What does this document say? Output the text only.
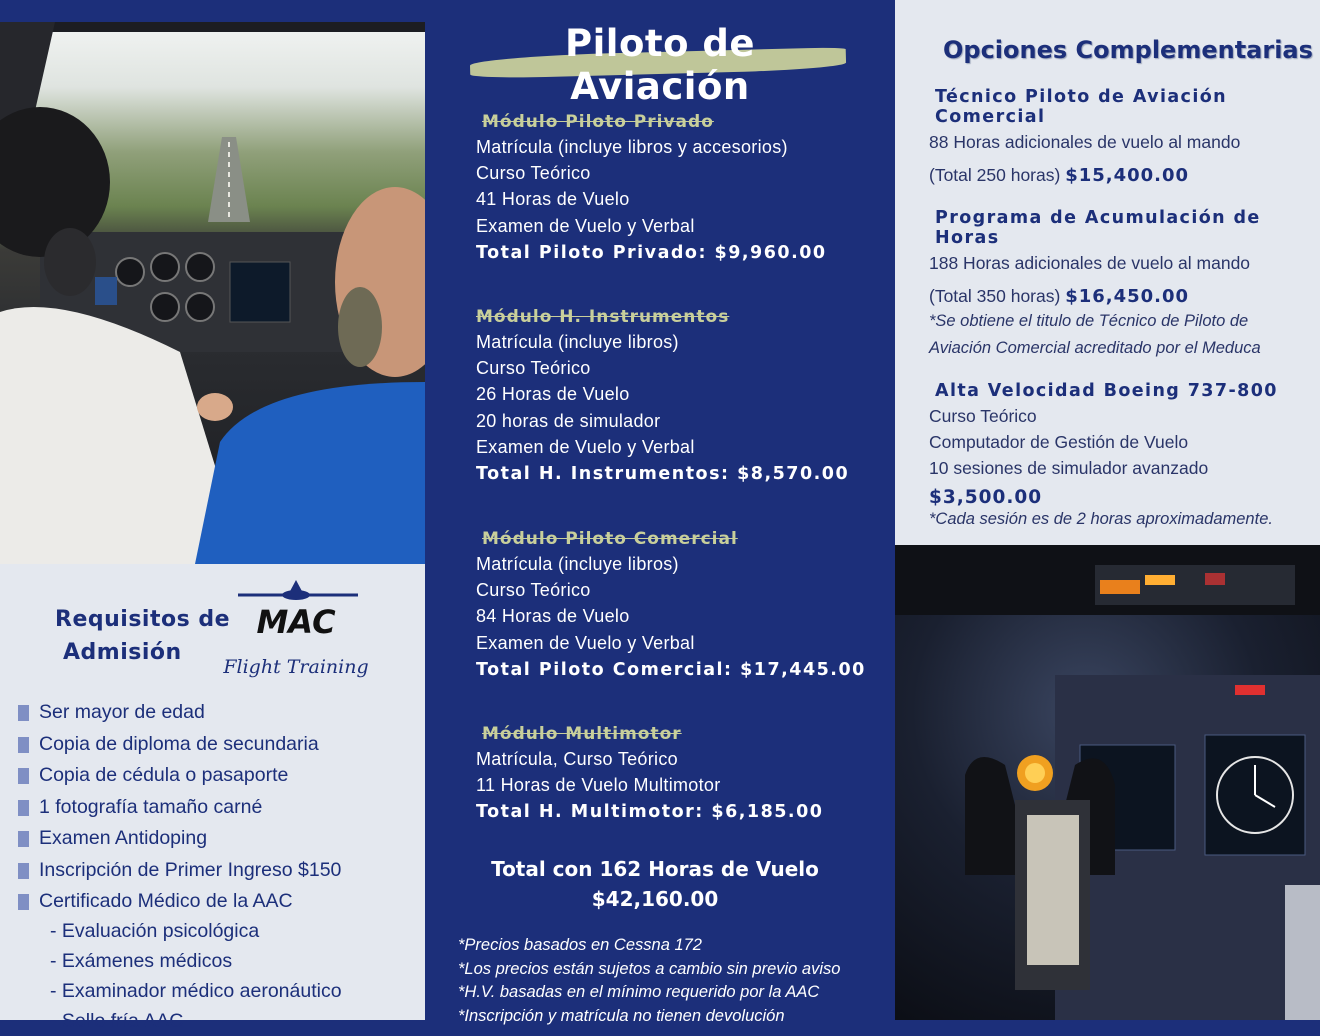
Requisitos de
Admisión
MAC
Flight Training
Ser mayor de edad
Copia de diploma de secundaria
Copia de cédula o pasaporte
1 fotografía tamaño carné
Examen Antidoping
Inscripción de Primer Ingreso $150
Certificado Médico de la AAC
- Evaluación psicológica
- Exámenes médicos
- Examinador médico aeronáutico
- Sello fría AAC
Piloto de Aviación
Módulo Piloto Privado
Matrícula (incluye libros y accesorios)
Curso Teórico
41 Horas de Vuelo
Examen de Vuelo y Verbal
Total Piloto Privado: $9,960.00
Módulo H. Instrumentos
Matrícula (incluye libros)
Curso Teórico
26 Horas de Vuelo
20 horas de simulador
Examen de Vuelo y Verbal
Total H. Instrumentos: $8,570.00
Módulo Piloto Comercial
Matrícula (incluye libros)
Curso Teórico
84 Horas de Vuelo
Examen de Vuelo y Verbal
Total Piloto Comercial: $17,445.00
Módulo Multimotor
Matrícula, Curso Teórico
11 Horas de Vuelo Multimotor
Total H. Multimotor: $6,185.00
Total con 162 Horas de Vuelo
$42,160.00
*Precios basados en Cessna 172
*Los precios están sujetos a cambio sin previo aviso
*H.V. basadas en el mínimo requerido por la AAC
*Inscripción y matrícula no tienen devolución
Opciones Complementarias
Técnico Piloto de Aviación Comercial
88 Horas adicionales de vuelo al mando
(Total 250 horas) $15,400.00
Programa de Acumulación de Horas
188 Horas adicionales de vuelo al mando
(Total 350 horas) $16,450.00
*Se obtiene el titulo de Técnico de Piloto de
Aviación Comercial acreditado por el Meduca
Alta Velocidad Boeing 737-800
Curso Teórico
Computador de Gestión de Vuelo
10 sesiones de simulador avanzado
$3,500.00
*Cada sesión es de 2 horas aproximadamente.
